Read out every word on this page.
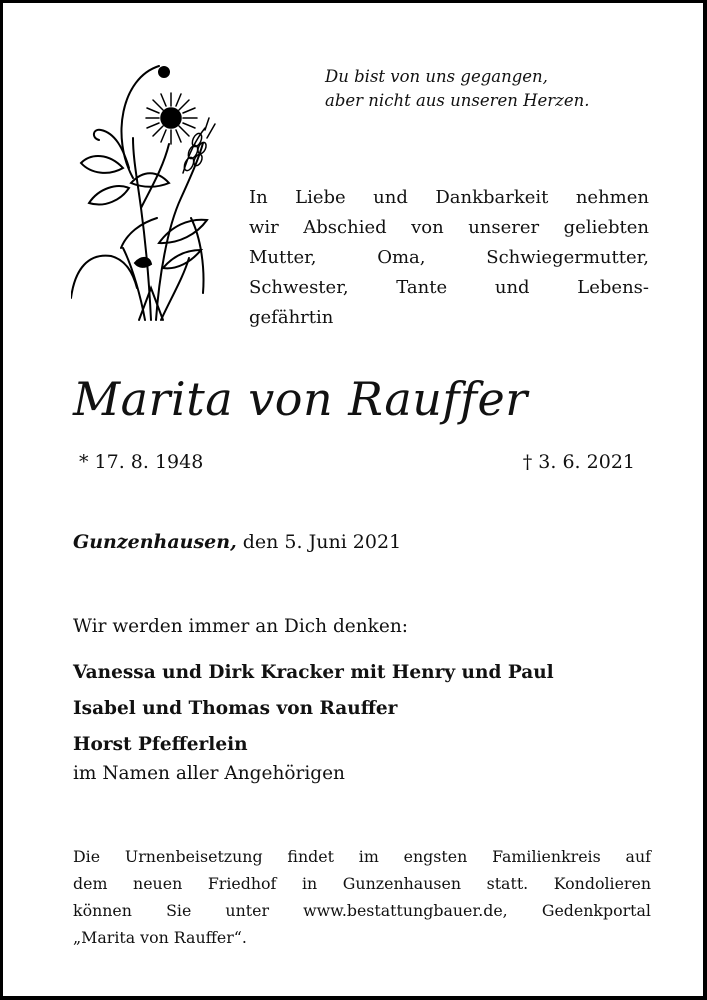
Du bist von uns gegangen,
aber nicht aus unseren Herzen.
In Liebe und Dankbarkeit nehmen
wir Abschied von unserer geliebten
Mutter, Oma, Schwiegermutter,
Schwester, Tante und Lebens-
gefährtin
Marita von Rauffer
* 17. 8. 1948	† 3. 6. 2021
Gunzenhausen, den 5. Juni 2021
Wir werden immer an Dich denken:
Vanessa und Dirk Kracker mit Henry und Paul
Isabel und Thomas von Rauffer
Horst Pfefferlein
im Namen aller Angehörigen
Die Urnenbeisetzung findet im engsten Familienkreis auf
dem neuen Friedhof in Gunzenhausen statt. Kondolieren
können Sie unter www.bestattungbauer.de, Gedenkportal
„Marita von Rauffer“.
